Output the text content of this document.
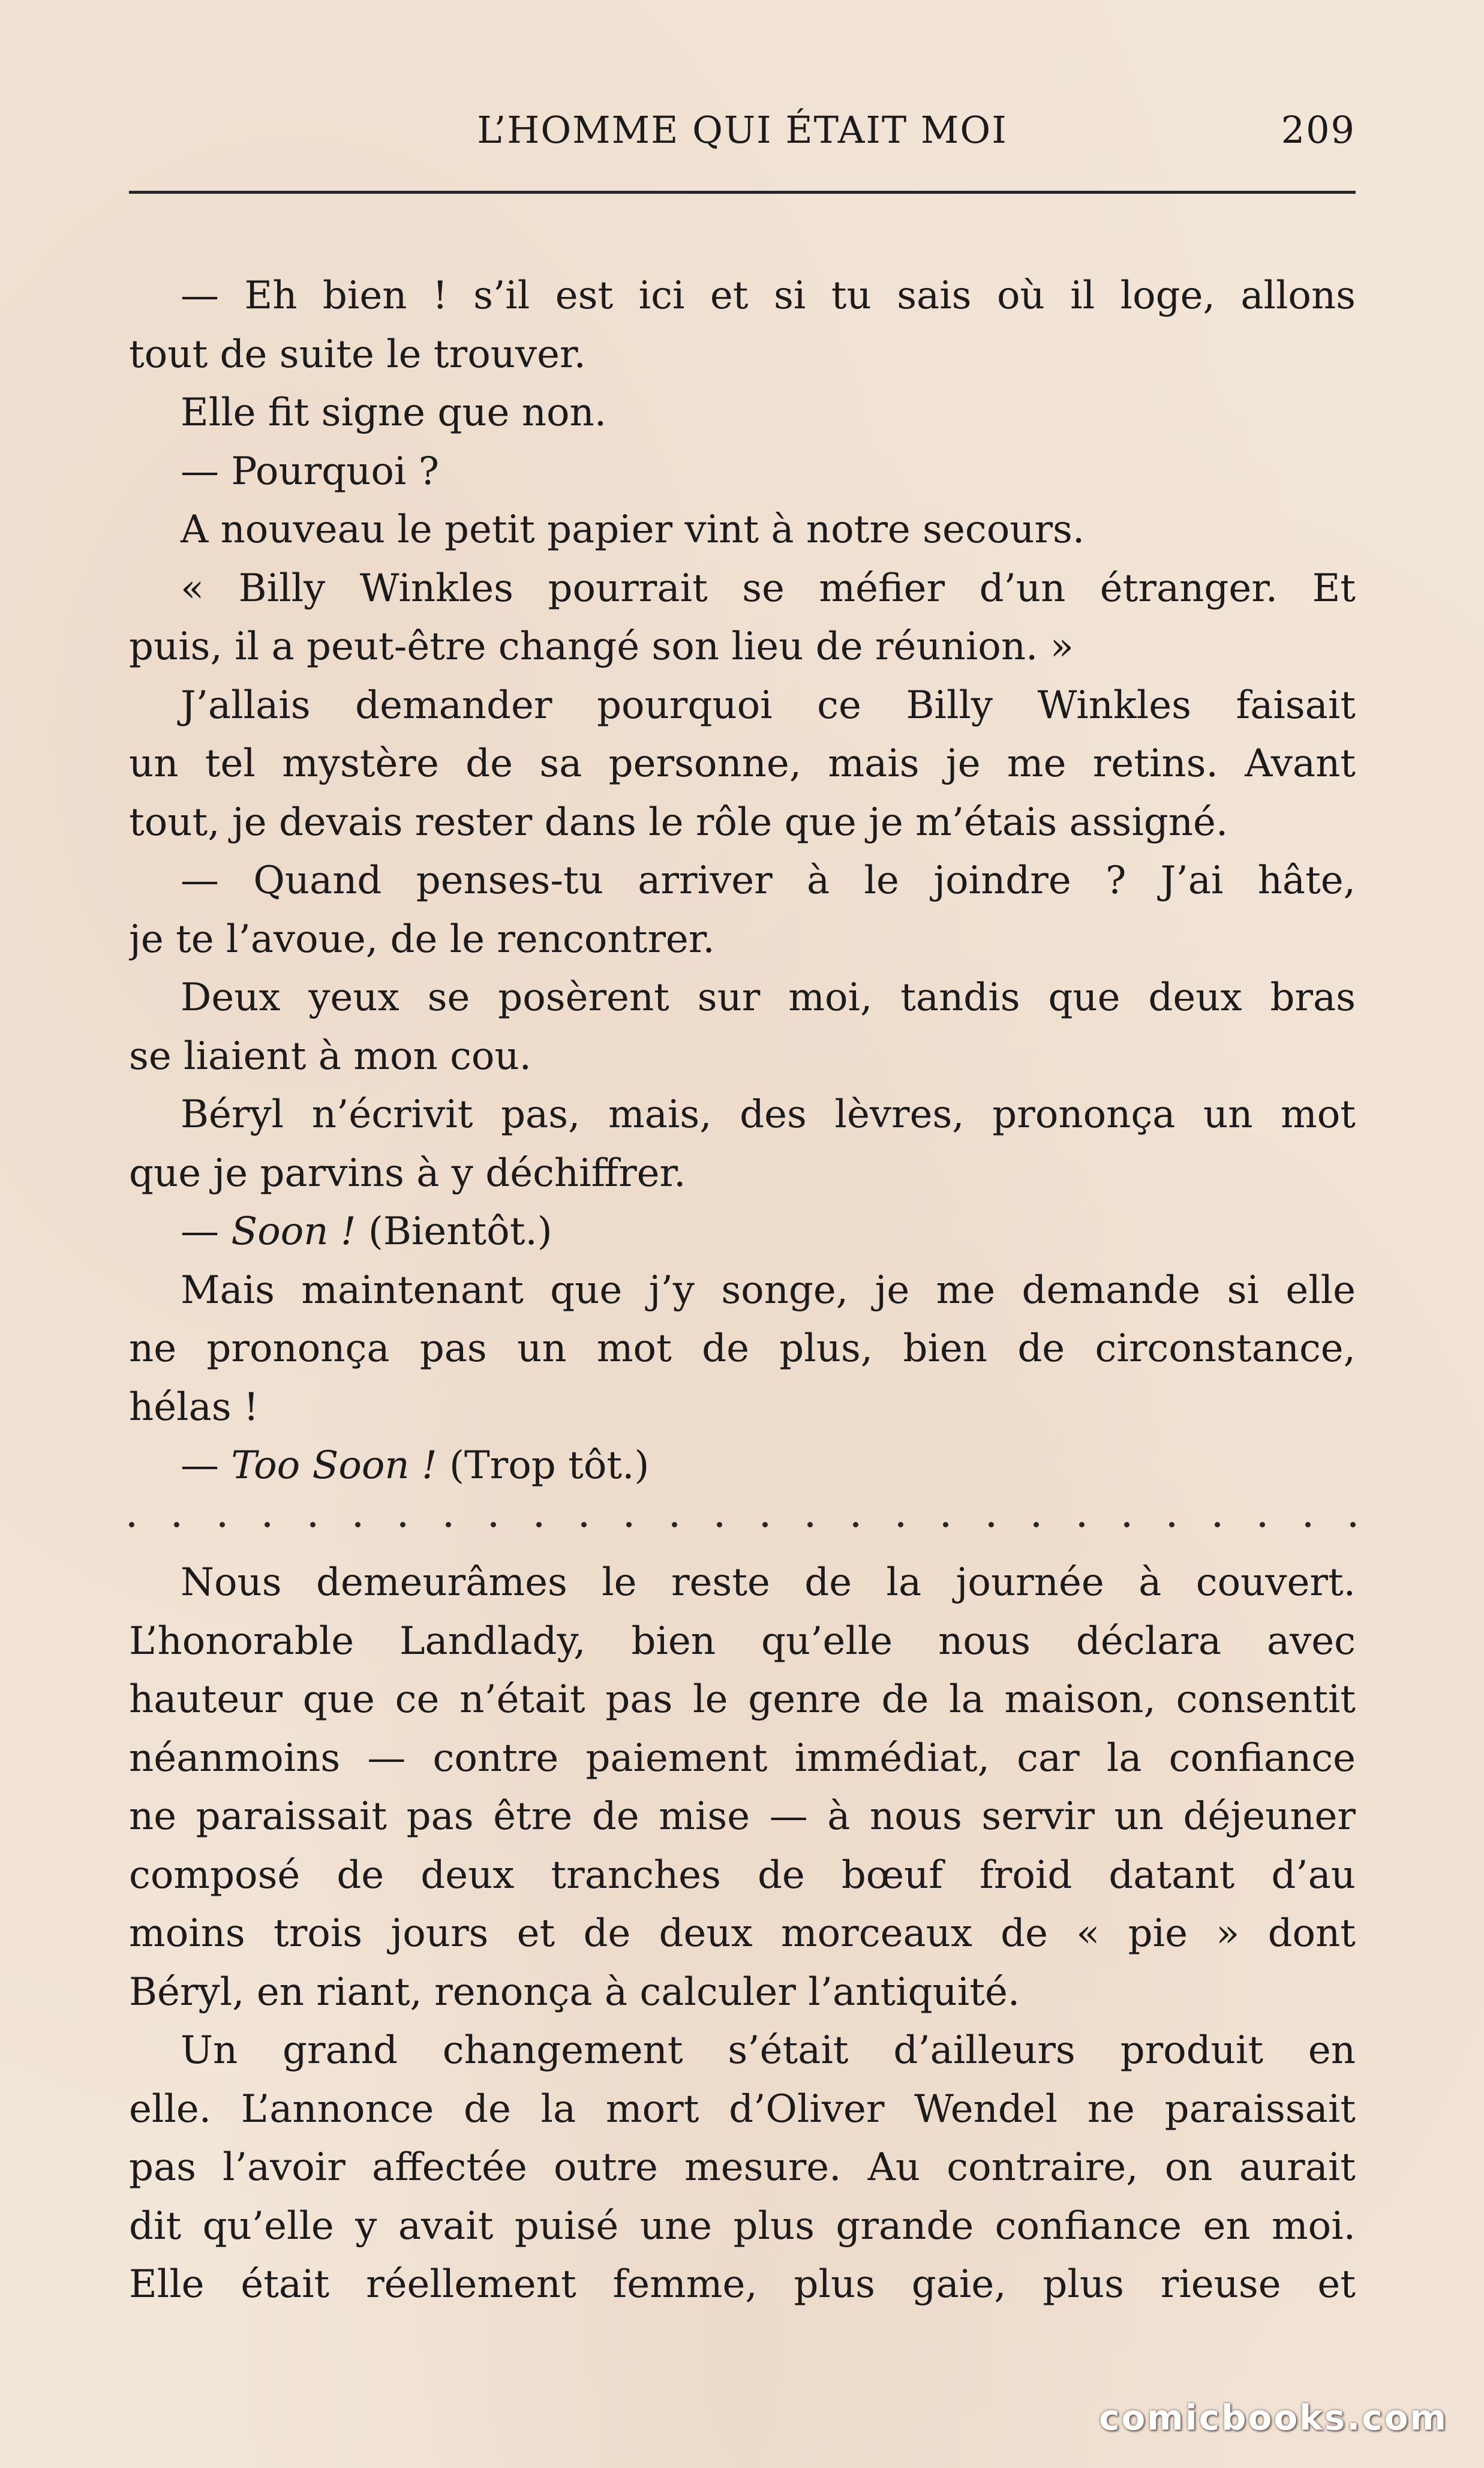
L’HOMME QUI ÉTAIT MOI	209
— Eh bien ! s’il est ici et si tu sais où il loge, allons
tout de suite le trouver.
Elle fit signe que non.
— Pourquoi ?
A nouveau le petit papier vint à notre secours.
« Billy Winkles pourrait se méfier d’un étranger. Et
puis, il a peut-être changé son lieu de réunion. »
J’allais demander pourquoi ce Billy Winkles faisait
un tel mystère de sa personne, mais je me retins. Avant
tout, je devais rester dans le rôle que je m’étais assigné.
— Quand penses-tu arriver à le joindre ? J’ai hâte,
je te l’avoue, de le rencontrer.
Deux yeux se posèrent sur moi, tandis que deux bras
se liaient à mon cou.
Béryl n’écrivit pas, mais, des lèvres, prononça un mot
que je parvins à y déchiffrer.
— Soon ! (Bientôt.)
Mais maintenant que j’y songe, je me demande si elle
ne prononça pas un mot de plus, bien de circonstance,
hélas !
— Too Soon ! (Trop tôt.)
Nous demeurâmes le reste de la journée à couvert.
L’honorable Landlady, bien qu’elle nous déclara avec
hauteur que ce n’était pas le genre de la maison, consentit
néanmoins — contre paiement immédiat, car la confiance
ne paraissait pas être de mise — à nous servir un déjeuner
composé de deux tranches de bœuf froid datant d’au
moins trois jours et de deux morceaux de « pie » dont
Béryl, en riant, renonça à calculer l’antiquité.
Un grand changement s’était d’ailleurs produit en
elle. L’annonce de la mort d’Oliver Wendel ne paraissait
pas l’avoir affectée outre mesure. Au contraire, on aurait
dit qu’elle y avait puisé une plus grande confiance en moi.
Elle était réellement femme, plus gaie, plus rieuse et
comicbooks.com
